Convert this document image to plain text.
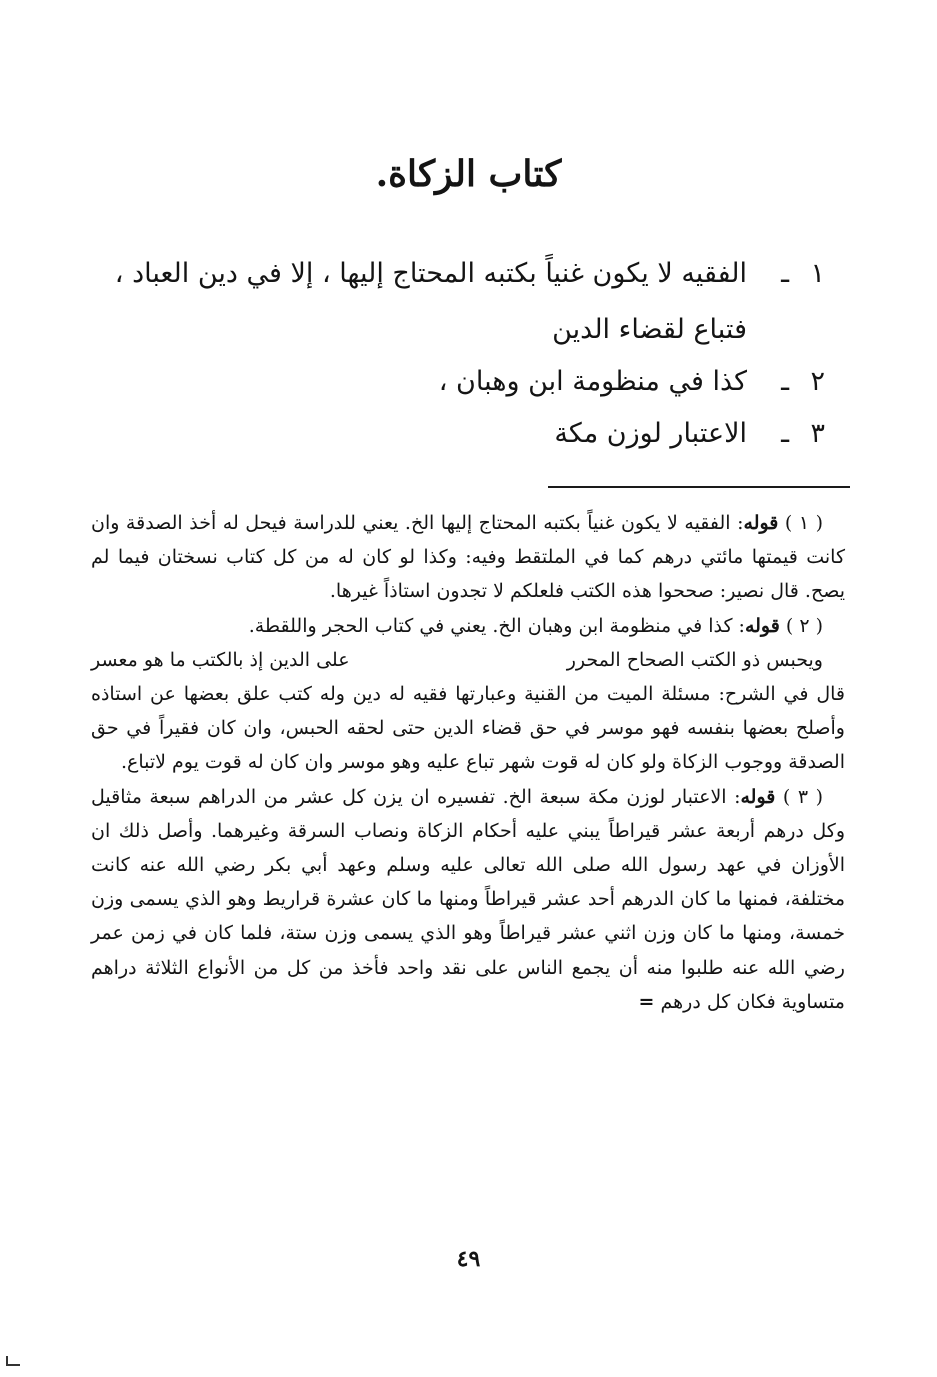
كتاب الزكاة.
١
ـ
الفقيه لا يكون غنياً بكتبه المحتاج إليها ، إلا في دين العباد ،
فتباع لقضاء الدين
٢
ـ
كذا في منظومة ابن وهبان ،
٣
ـ
الاعتبار لوزن مكة

( ١ ) قوله: الفقيه لا يكون غنياً بكتبه المحتاج إليها الخ. يعني للدراسة فيحل له أخذ الصدقة وان كانت قيمتها مائتي درهم كما في الملتقط وفيه: وكذا لو كان له من كل كتاب نسختان فيما لم يصح. قال نصير: صححوا هذه الكتب فلعلكم لا تجدون استاذاً غيرها.

( ٢ ) قوله: كذا في منظومة ابن وهبان الخ. يعني في كتاب الحجر واللقطة.

ويحبس ذو الكتب الصحاح المحرر
على الدين إذ بالكتب ما هو معسر

قال في الشرح: مسئلة الميت من القنية وعبارتها فقيه له دين وله كتب علق بعضها عن استاذه وأصلح بعضها بنفسه فهو موسر في حق قضاء الدين حتى لحقه الحبس، وان كان فقيراً في حق الصدقة ووجوب الزكاة ولو كان له قوت شهر تباع عليه وهو موسر وان كان له قوت يوم لاتباع.

( ٣ ) قوله: الاعتبار لوزن مكة سبعة الخ. تفسيره ان يزن كل عشر من الدراهم سبعة مثاقيل وكل درهم أربعة عشر قيراطاً يبني عليه أحكام الزكاة ونصاب السرقة وغيرهما. وأصل ذلك ان الأوزان في عهد رسول الله صلى الله تعالى عليه وسلم وعهد أبي بكر رضي الله عنه كانت مختلفة، فمنها ما كان الدرهم أحد عشر قيراطاً ومنها ما كان عشرة قراريط وهو الذي يسمى وزن خمسة، ومنها ما كان وزن اثني عشر قيراطاً وهو الذي يسمى وزن ستة، فلما كان في زمن عمر رضي الله عنه طلبوا منه أن يجمع الناس على نقد واحد فأخذ من كل من الأنواع الثلاثة دراهم متساوية فكان كل درهم =

٤٩
